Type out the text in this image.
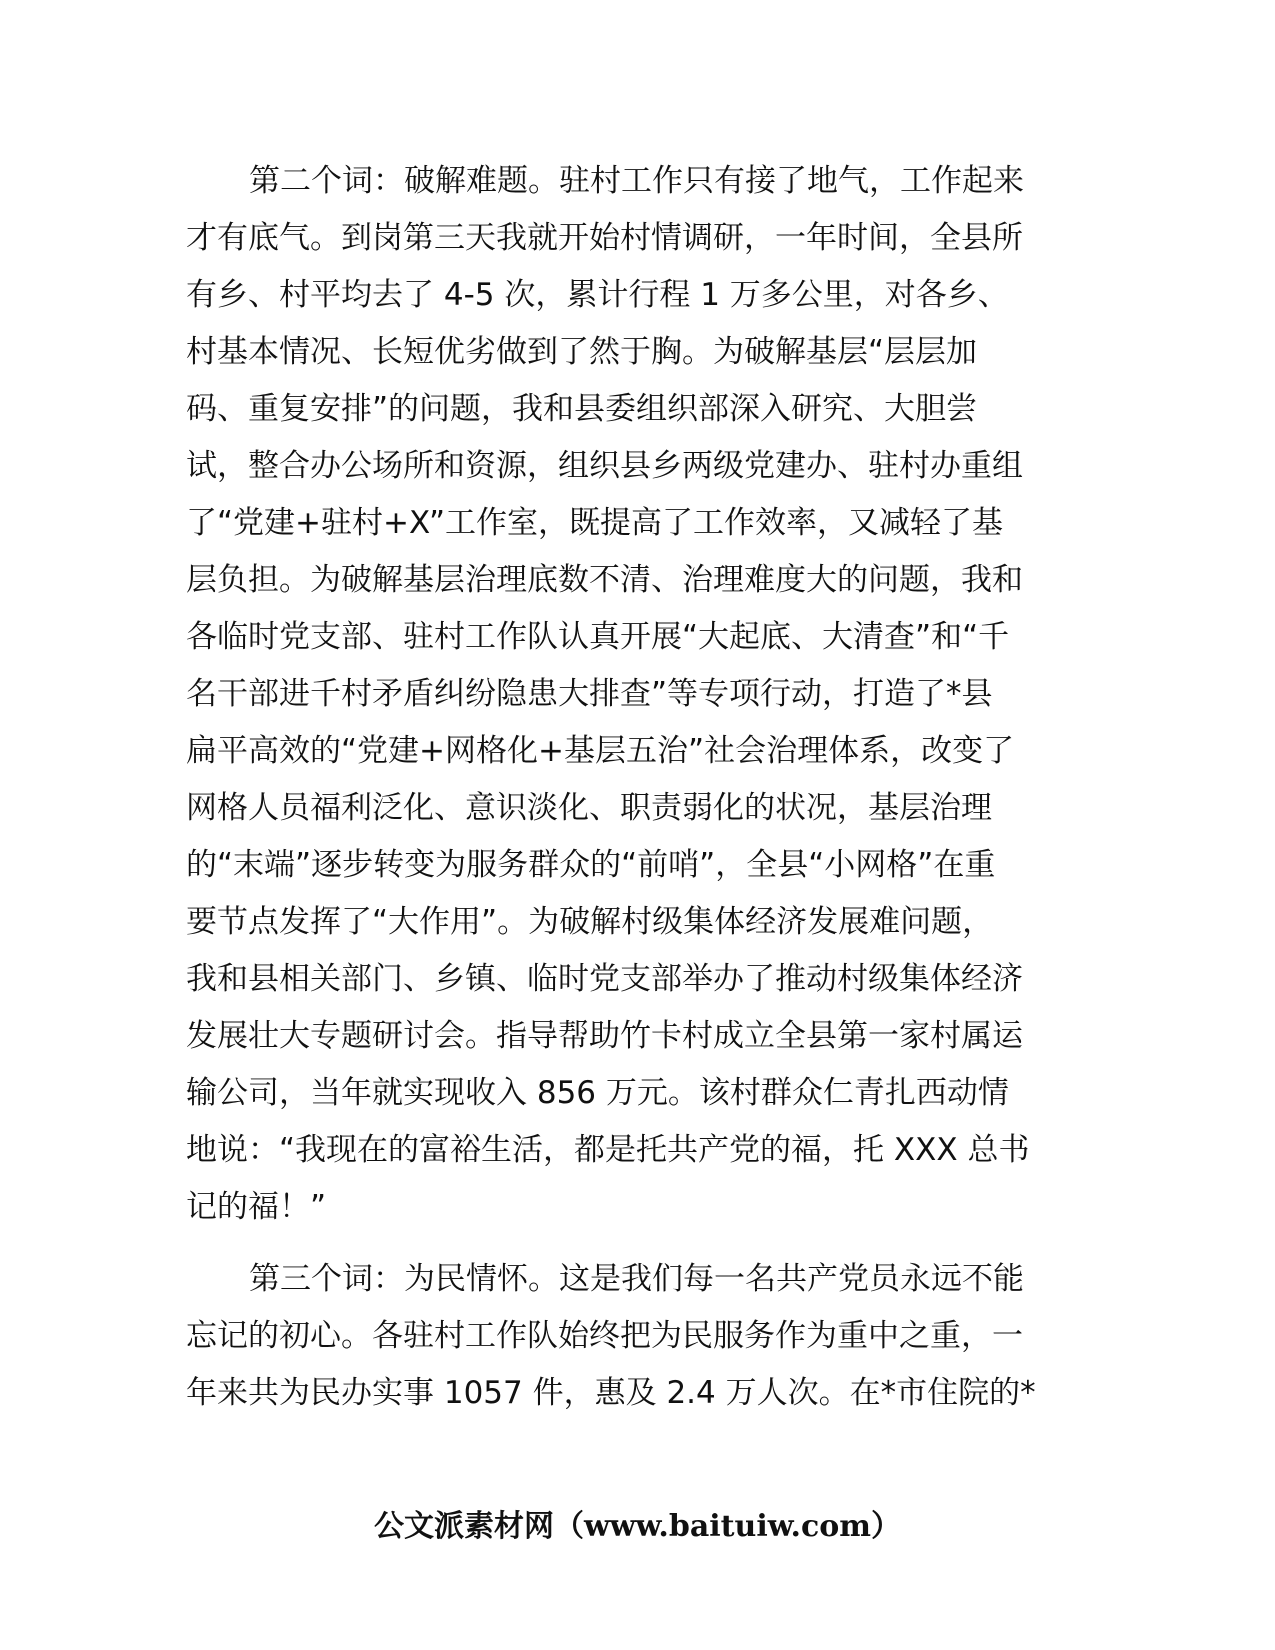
第二个词：破解难题。驻村工作只有接了地气，工作起来
才有底气。到岗第三天我就开始村情调研，一年时间，全县所
有乡、村平均去了 4-5 次，累计行程 1 万多公里，对各乡、
村基本情况、长短优劣做到了然于胸。为破解基层“层层加
码、重复安排”的问题，我和县委组织部深入研究、大胆尝
试，整合办公场所和资源，组织县乡两级党建办、驻村办重组
了“党建+驻村+X”工作室，既提高了工作效率，又减轻了基
层负担。为破解基层治理底数不清、治理难度大的问题，我和
各临时党支部、驻村工作队认真开展“大起底、大清查”和“千
名干部进千村矛盾纠纷隐患大排查”等专项行动，打造了*县
扁平高效的“党建+网格化+基层五治”社会治理体系，改变了
网格人员福利泛化、意识淡化、职责弱化的状况，基层治理
的“末端”逐步转变为服务群众的“前哨”，全县“小网格”在重
要节点发挥了“大作用”。为破解村级集体经济发展难问题，
我和县相关部门、乡镇、临时党支部举办了推动村级集体经济
发展壮大专题研讨会。指导帮助竹卡村成立全县第一家村属运
输公司，当年就实现收入 856 万元。该村群众仁青扎西动情
地说：“我现在的富裕生活，都是托共产党的福，托 XXX 总书
记的福！”
第三个词：为民情怀。这是我们每一名共产党员永远不能
忘记的初心。各驻村工作队始终把为民服务作为重中之重，一
年来共为民办实事 1057 件，惠及 2.4 万人次。在*市住院的*
公文派素材网（www.baituiw.com）
